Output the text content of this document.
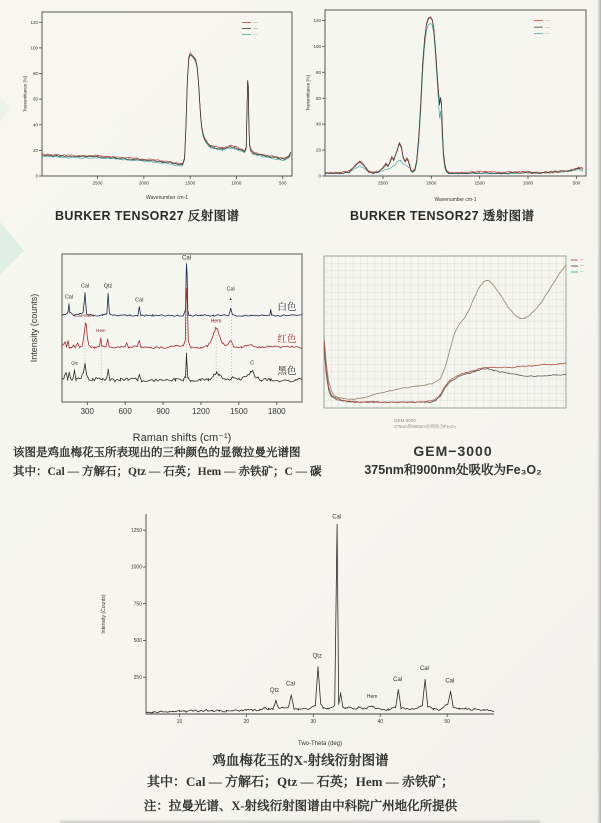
2500	2000	1500	1000	500
0
20
40
60
80
100
120
Wavenumber cm-1
Transmittance [%]
·······
·······
·······
2500	2000	1500	1000	500
0
20
40
60
80
100
120
Wavenumber cm-1
Transmittance [%]
·······
·······
·······
300	600	900	1200	1500	1800
Raman shifts (cm⁻¹)
Intensity (counts)	Cal
Cal	Qtz
Cal
Cal
Cal
▲
Cal+Hem
Hem
Hem
Qtz	C
白色
红色
黑色
······
······
······
10	20	30	40	50
250
500
750
1000
1250
Two-Theta (deg)
Intensity (Counts)
Qtz
Cal
Qtz
Cal
Hem
Cal
Cal
Cal
BURKER TENSOR27 反射图谱	BURKER TENSOR27 透射图谱
该图是鸡血梅花玉所表现出的三种颜色的显微拉曼光谱图
其中：Cal — 方解石；Qtz — 石英；Hem — 赤铁矿；C — 碳
GEM-3000
375nm和900nm处吸收为Fe₃O₂
GEM−3000
375nm和900nm处吸收为Fe₃O₂
鸡血梅花玉的X-射线衍射图谱
其中：Cal — 方解石；Qtz — 石英；Hem — 赤铁矿；
注：拉曼光谱、X-射线衍射图谱由中科院广州地化所提供
